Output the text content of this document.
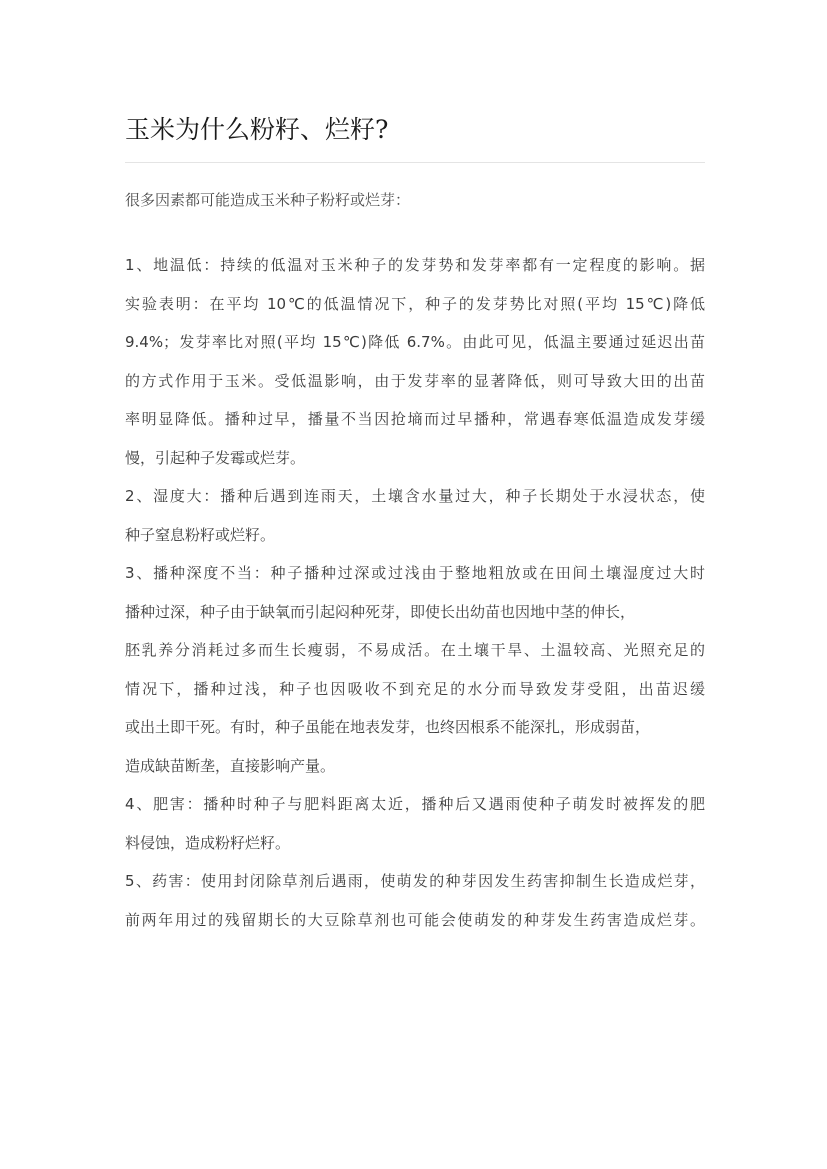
玉米为什么粉籽、烂籽?

很多因素都可能造成玉米种子粉籽或烂芽：

1、地温低：持续的低温对玉米种子的发芽势和发芽率都有一定程度的影响。据
实验表明：在平均 10℃的低温情况下，种子的发芽势比对照(平均 15℃)降低
9.4%；发芽率比对照(平均 15℃)降低 6.7%。由此可见，低温主要通过延迟出苗
的方式作用于玉米。受低温影响，由于发芽率的显著降低，则可导致大田的出苗
率明显降低。播种过早，播量不当因抢墒而过早播种，常遇春寒低温造成发芽缓
慢，引起种子发霉或烂芽。
2、湿度大：播种后遇到连雨天，土壤含水量过大，种子长期处于水浸状态，使
种子窒息粉籽或烂籽。
3、播种深度不当：种子播种过深或过浅由于整地粗放或在田间土壤湿度过大时
播种过深，种子由于缺氧而引起闷种死芽，即使长出幼苗也因地中茎的伸长，
胚乳养分消耗过多而生长瘦弱，不易成活。在土壤干旱、土温较高、光照充足的
情况下，播种过浅，种子也因吸收不到充足的水分而导致发芽受阻，出苗迟缓
或出土即干死。有时，种子虽能在地表发芽，也终因根系不能深扎，形成弱苗，
造成缺苗断垄，直接影响产量。
4、肥害：播种时种子与肥料距离太近，播种后又遇雨使种子萌发时被挥发的肥
料侵蚀，造成粉籽烂籽。
5、药害：使用封闭除草剂后遇雨，使萌发的种芽因发生药害抑制生长造成烂芽，
前两年用过的残留期长的大豆除草剂也可能会使萌发的种芽发生药害造成烂芽。
